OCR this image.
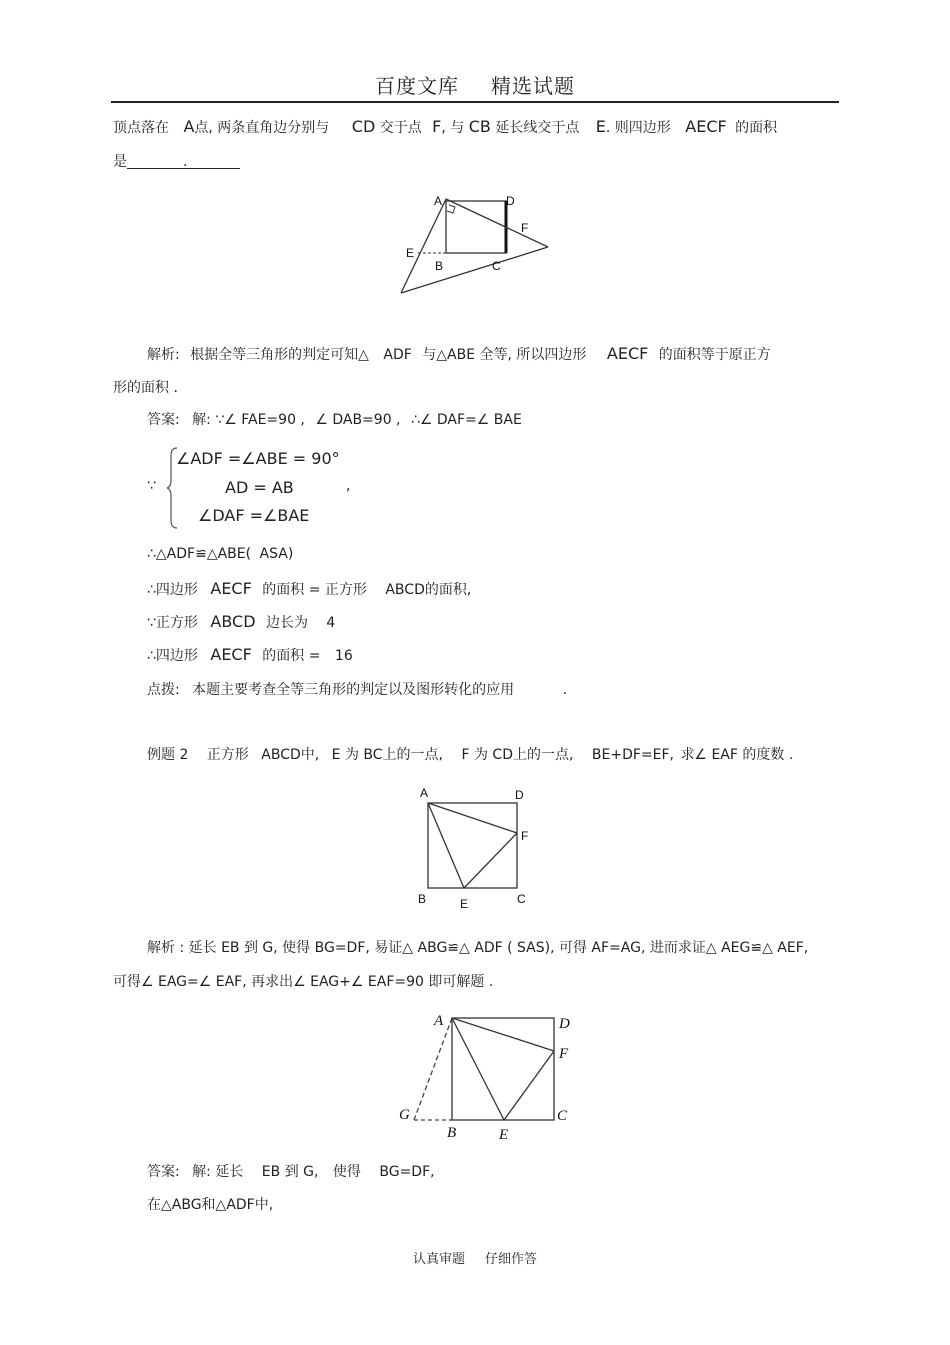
百度文库 精选试题
顶点落在 A点, 两条直角边分别与 CD 交于点 F, 与 CB 延长线交于点 E. 则四边形 AECF 的面积
是	.
A	D
F
E
B	C
解析: 根据全等三角形的判定可知△ ADF 与△ABE 全等, 所以四边形 AECF 的面积等于原正方
形的面积 .
答案: 解: ∵∠ FAE=90 , ∠ DAB=90 , ∴∠ DAF=∠ BAE
∵
∠ADF =∠ABE = 90°
AD = AB
∠DAF =∠BAE
,
∴△ADF≌△ABE( ASA)
∴四边形 AECF 的面积 = 正方形 ABCD的面积,
∵正方形 ABCD 边长为 4
∴四边形 AECF 的面积 = 16
点拨: 本题主要考查全等三角形的判定以及图形转化的应用	.
例题 2 正方形 ABCD中, E 为 BC上的一点, F 为 CD上的一点, BE+DF=EF, 求∠ EAF 的度数 .
A	D
F
B	E	C
解析 : 延长 EB 到 G, 使得 BG=DF, 易证△ ABG≌△ ADF ( SAS), 可得 AF=AG, 进而求证△ AEG≌△ AEF,
可得∠ EAG=∠ EAF, 再求出∠ EAG+∠ EAF=90 即可解题 .
A	D
F
G
B	E
C
答案: 解: 延长 EB 到 G, 使得 BG=DF,
在△ABG和△ADF中,
认真审题 仔细作答
